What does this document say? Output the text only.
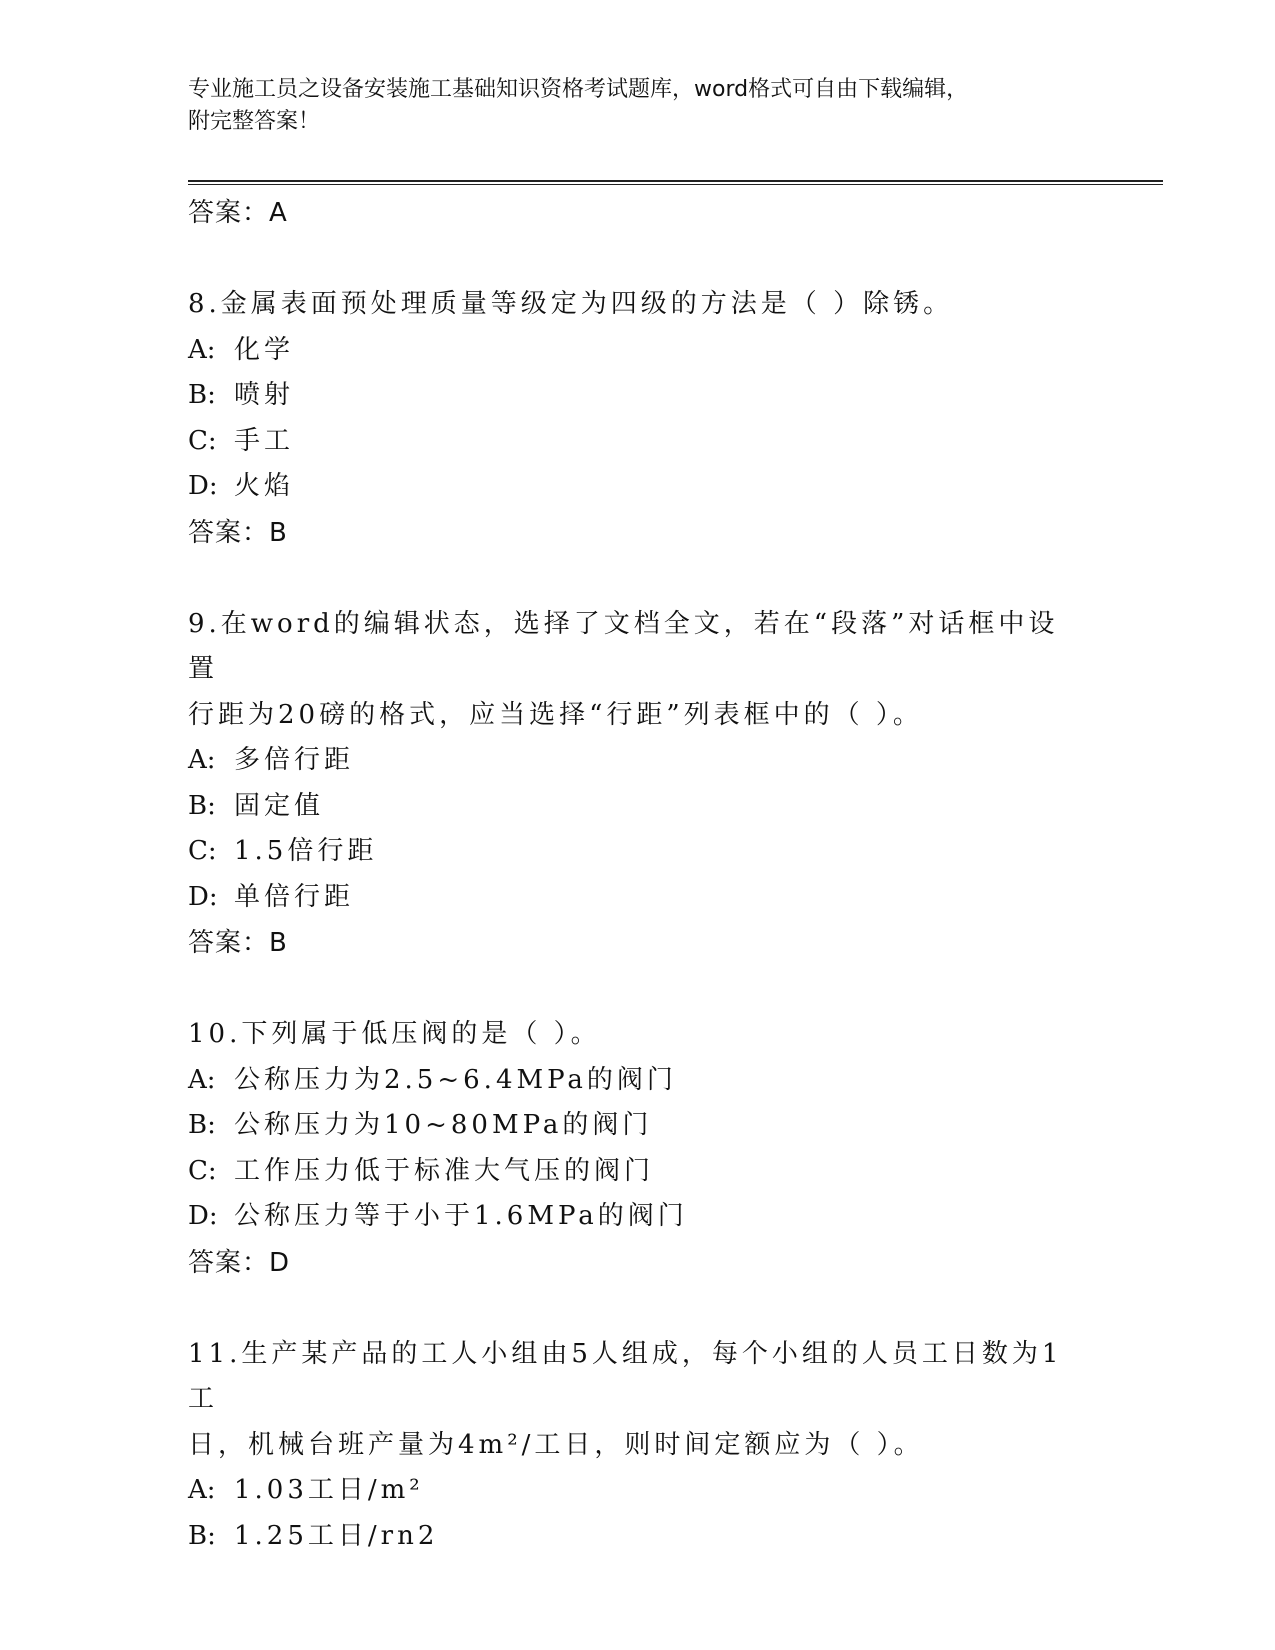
专业施工员之设备安装施工基础知识资格考试题库，word格式可自由下载编辑，
附完整答案！
答案：A
8.金属表面预处理质量等级定为四级的方法是（ ）除锈。
A: 化学
B: 喷射
C: 手工
D: 火焰
答案：B
9.在word的编辑状态，选择了文档全文，若在“段落”对话框中设置
行距为20磅的格式，应当选择“行距”列表框中的（ ）。
A: 多倍行距
B: 固定值
C: 1.5倍行距
D: 单倍行距
答案：B
10.下列属于低压阀的是（ ）。
A: 公称压力为2.5~6.4MPa的阀门
B: 公称压力为10~80MPa的阀门
C: 工作压力低于标准大气压的阀门
D: 公称压力等于小于1.6MPa的阀门
答案：D
11.生产某产品的工人小组由5人组成，每个小组的人员工日数为1工
日，机械台班产量为4m²/工日，则时间定额应为（ ）。
A: 1.03工日/m²
B: 1.25工日/rn2
